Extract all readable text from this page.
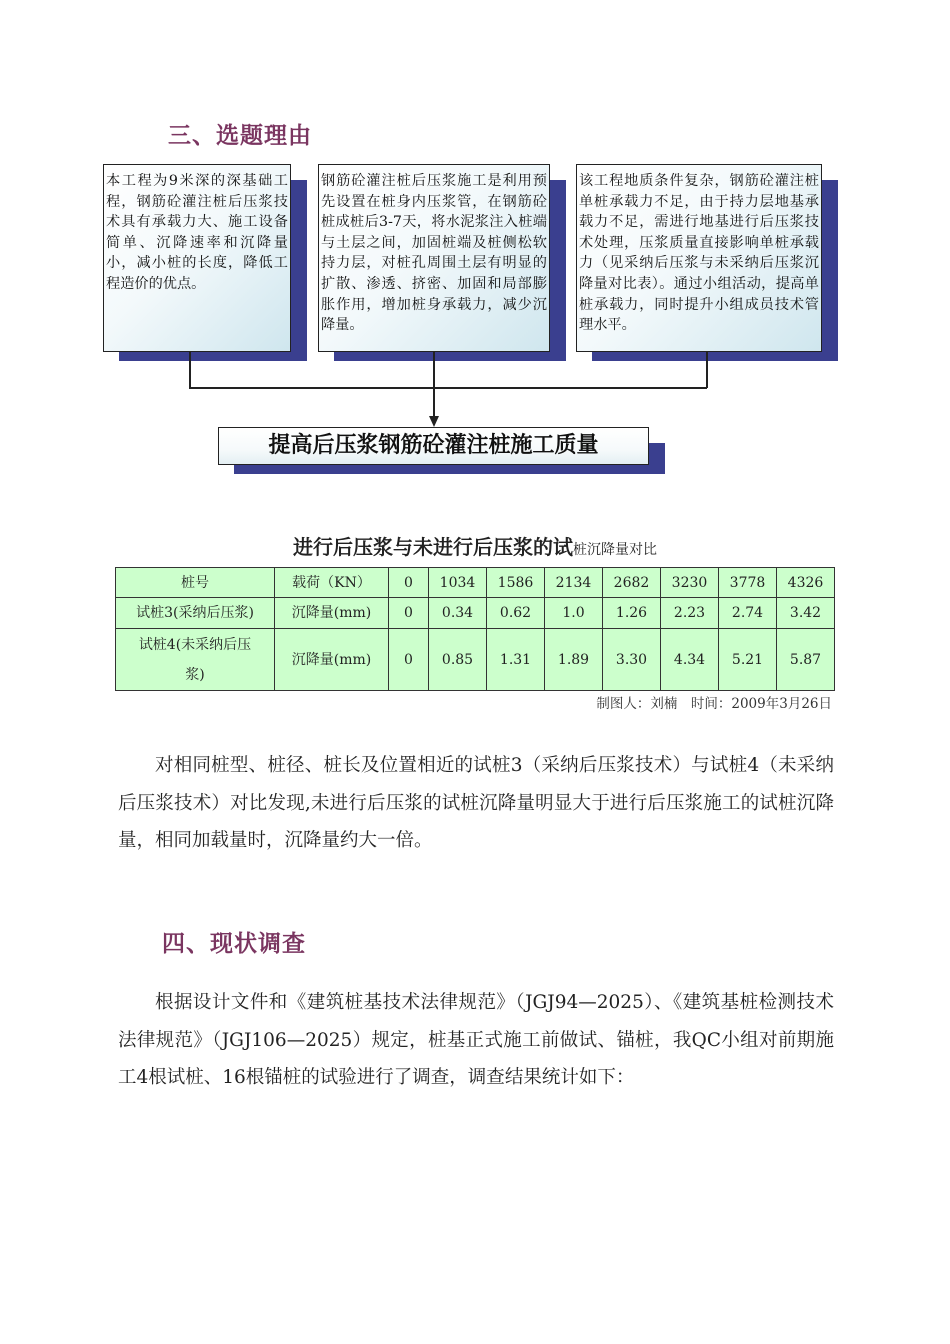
三、选题理由
本工程为9米深的深基础工程，钢筋砼灌注桩后压浆技术具有承载力大、施工设备简单、沉降速率和沉降量小，减小桩的长度，降低工程造价的优点。
钢筋砼灌注桩后压浆施工是利用预先设置在桩身内压浆管，在钢筋砼桩成桩后3-7天，将水泥浆注入桩端与土层之间，加固桩端及桩侧松软持力层，对桩孔周围土层有明显的扩散、渗透、挤密、加固和局部膨胀作用，增加桩身承载力，减少沉降量。
该工程地质条件复杂，钢筋砼灌注桩单桩承载力不足，由于持力层地基承载力不足，需进行地基进行后压浆技术处理，压浆质量直接影响单桩承载力（见采纳后压浆与未采纳后压浆沉降量对比表）。通过小组活动，提高单桩承载力，同时提升小组成员技术管理水平。
提高后压浆钢筋砼灌注桩施工质量
进行后压浆与未进行后压浆的试桩沉降量对比
桩号	载荷（KN）	0	1034	1586	2134	2682	3230	3778	4326
试桩3(采纳后压浆)	沉降量(mm)	0	0.34	0.62	1.0	1.26	2.23	2.74	3.42
试桩4(未采纳后压浆)	沉降量(mm)	0	0.85	1.31	1.89	3.30	4.34	5.21	5.87
制图人：刘楠　时间：2009年3月26日
对相同桩型、桩径、桩长及位置相近的试桩3（采纳后压浆技术）与试桩4（未采纳后压浆技术）对比发现,未进行后压浆的试桩沉降量明显大于进行后压浆施工的试桩沉降量，相同加载量时，沉降量约大一倍。
四、现状调查
根据设计文件和《建筑桩基技术法律规范》（JGJ94—2025）、《建筑基桩检测技术法律规范》（JGJ106—2025）规定，桩基正式施工前做试、锚桩，我QC小组对前期施工4根试桩、16根锚桩的试验进行了调查，调查结果统计如下：
